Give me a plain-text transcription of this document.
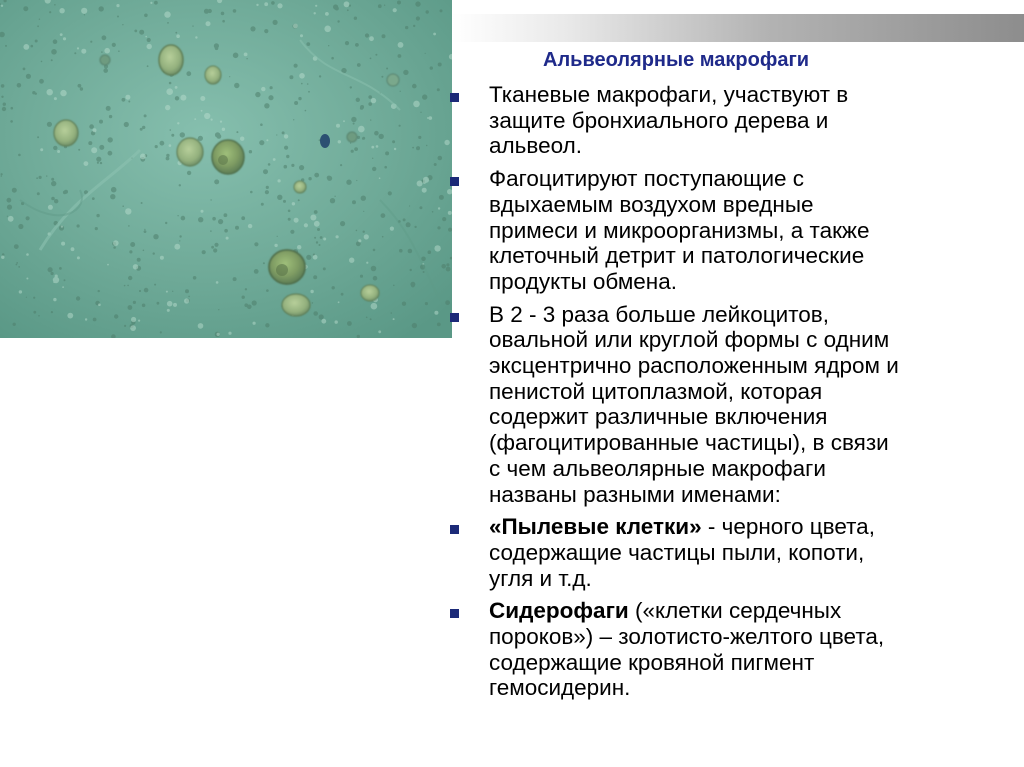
Альвеолярные макрофаги
Тканевые макрофаги, участвуют в
защите бронхиального дерева и
альвеол.
Фагоцитируют поступающие с
вдыхаемым воздухом вредные
примеси и микроорганизмы, а также
клеточный детрит и патологические
продукты обмена.
В 2 - 3 раза больше лейкоцитов,
овальной или круглой формы с одним
эксцентрично расположенным ядром и
пенистой цитоплазмой, которая
содержит различные включения
(фагоцитированные частицы), в связи
с чем альвеолярные макрофаги
названы разными именами:
«Пылевые клетки» - черного цвета,
содержащие частицы пыли, копоти,
угля и т.д.
Сидерофаги («клетки сердечных
пороков») – золотисто-желтого цвета,
содержащие кровяной пигмент
гемосидерин.
